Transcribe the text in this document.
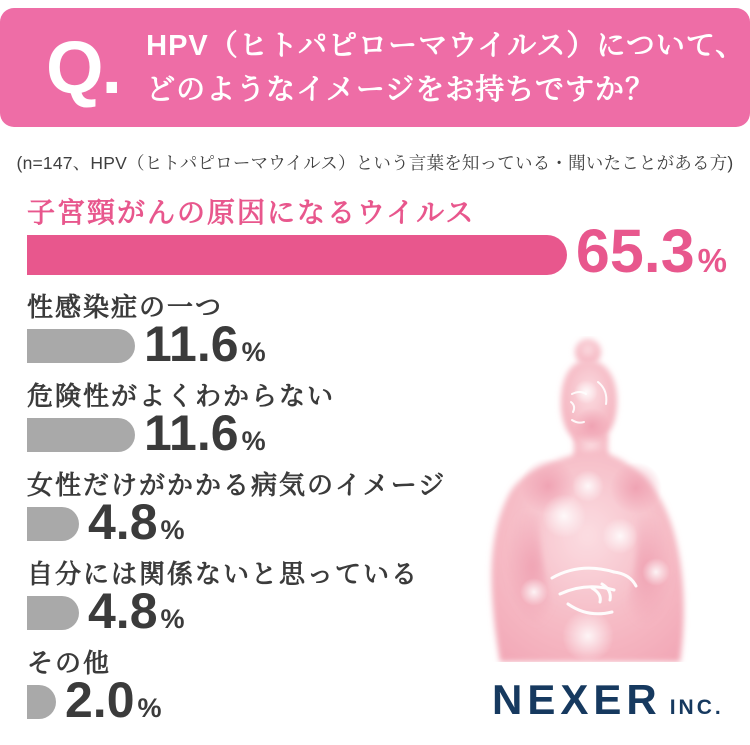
Q. HPV（ヒトパピローマウイルス）について、
どのようなイメージをお持ちですか？
(n=147、HPV（ヒトパピローマウイルス）という言葉を知っている・聞いたことがある方)
子宮頸がんの原因になるウイルス
65.3 %
性感染症の一つ
11.6 %
危険性がよくわからない
11.6 %
女性だけがかかる病気のイメージ
4.8 %
自分には関係ないと思っている
4.8 %
その他
2.0 %	NEXER INC.
